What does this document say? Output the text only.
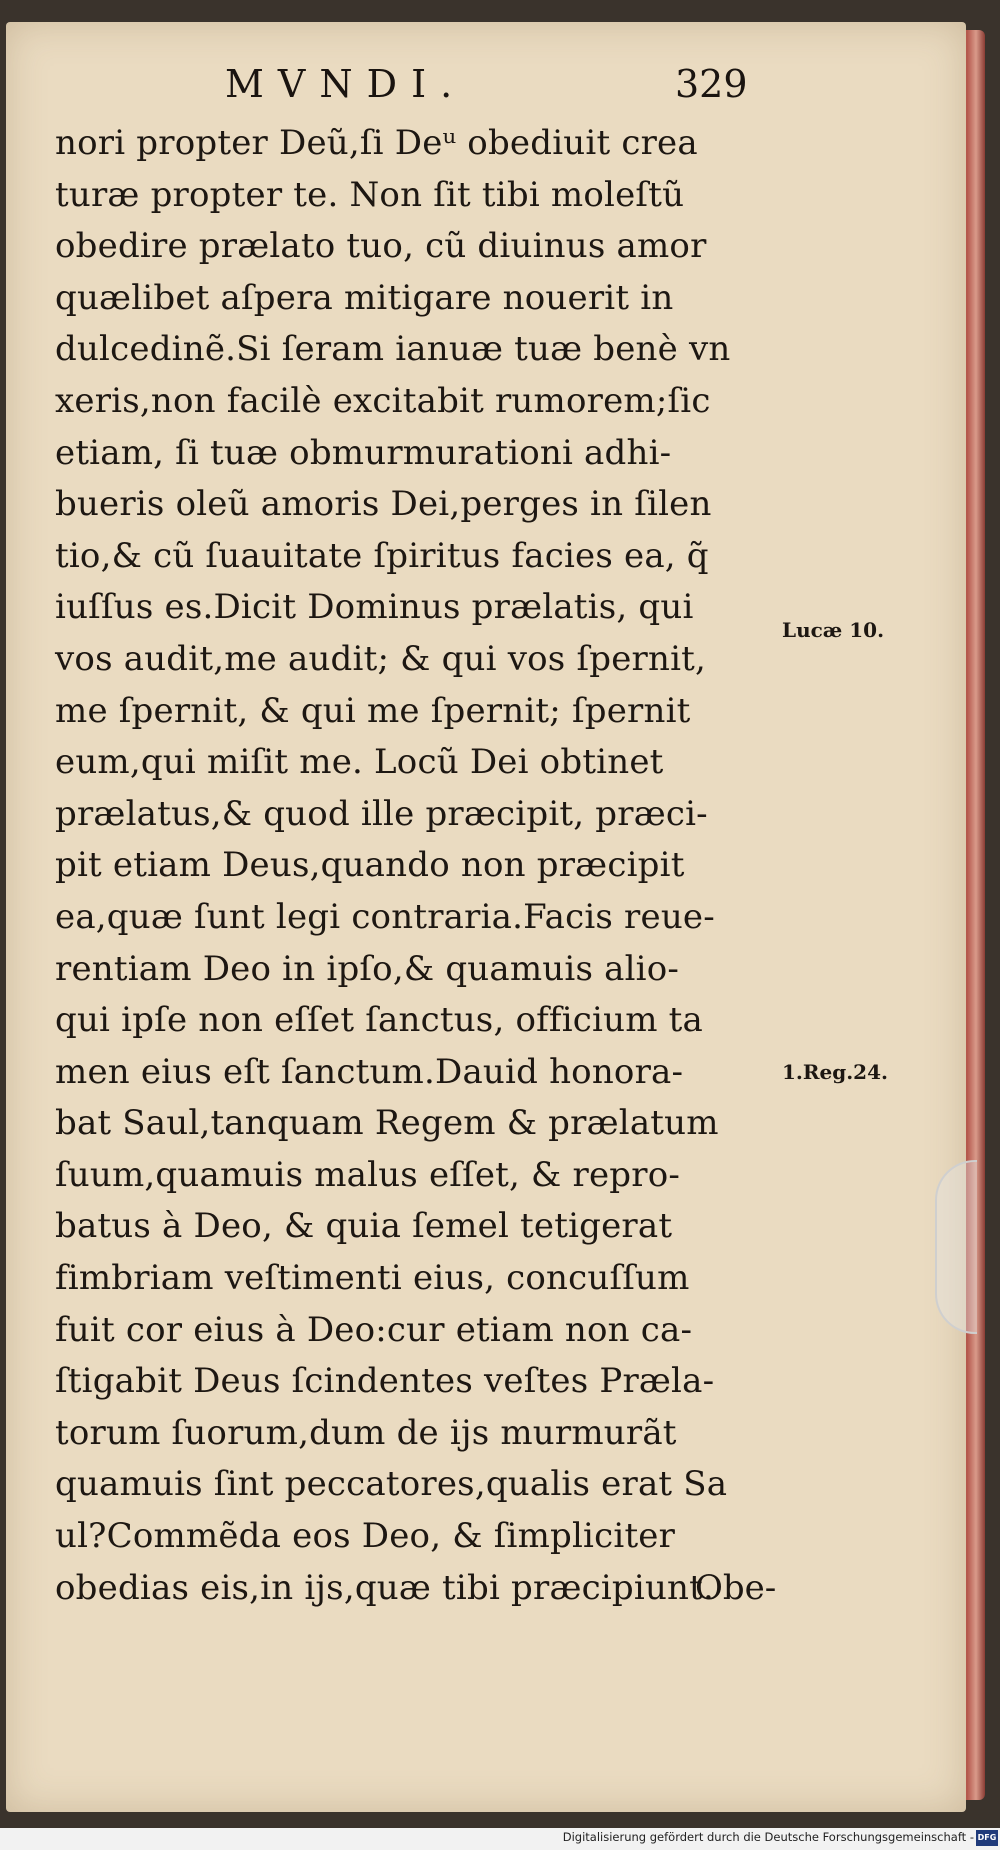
MVNDI.	329
nori propter Deũ,ſi Deᵘ obediuit crea
turæ propter te. Non ſit tibi moleſtũ
obedire prælato tuo, cũ diuinus amor
quælibet aſpera mitigare nouerit in
dulcedinẽ.Si ſeram ianuæ tuæ benè vn
xeris,non facilè excitabit rumorem;ſic
etiam, ſi tuæ obmurmurationi adhi-
bueris oleũ amoris Dei,perges in ſilen
tio,& cũ ſuauitate ſpiritus facies ea, q̃
iuſſus es.Dicit Dominus prælatis, qui
vos audit,me audit; & qui vos ſpernit,
me ſpernit, & qui me ſpernit; ſpernit
eum,qui miſit me. Locũ Dei obtinet
prælatus,& quod ille præcipit, præci-
pit etiam Deus,quando non præcipit
ea,quæ ſunt legi contraria.Facis reue-
rentiam Deo in ipſo,& quamuis alio-
qui ipſe non eſſet ſanctus, officium ta
men eius eſt ſanctum.Dauid honora-
bat Saul,tanquam Regem & prælatum
ſuum,quamuis malus eſſet, & repro-
batus à Deo, & quia ſemel tetigerat
fimbriam veſtimenti eius, concuſſum
fuit cor eius à Deo:cur etiam non ca-
ſtigabit Deus ſcindentes veſtes Præla-
torum ſuorum,dum de ijs murmurãt
quamuis ſint peccatores,qualis erat Sa
ul?Commẽda eos Deo, & ſimpliciter
obedias eis,in ijs,quæ tibi præcipiunt.
Lucæ 10.
1.Reg.24.
Obe-
Digitalisierung gefördert durch die Deutsche Forschungsgemeinschaft - DFG
